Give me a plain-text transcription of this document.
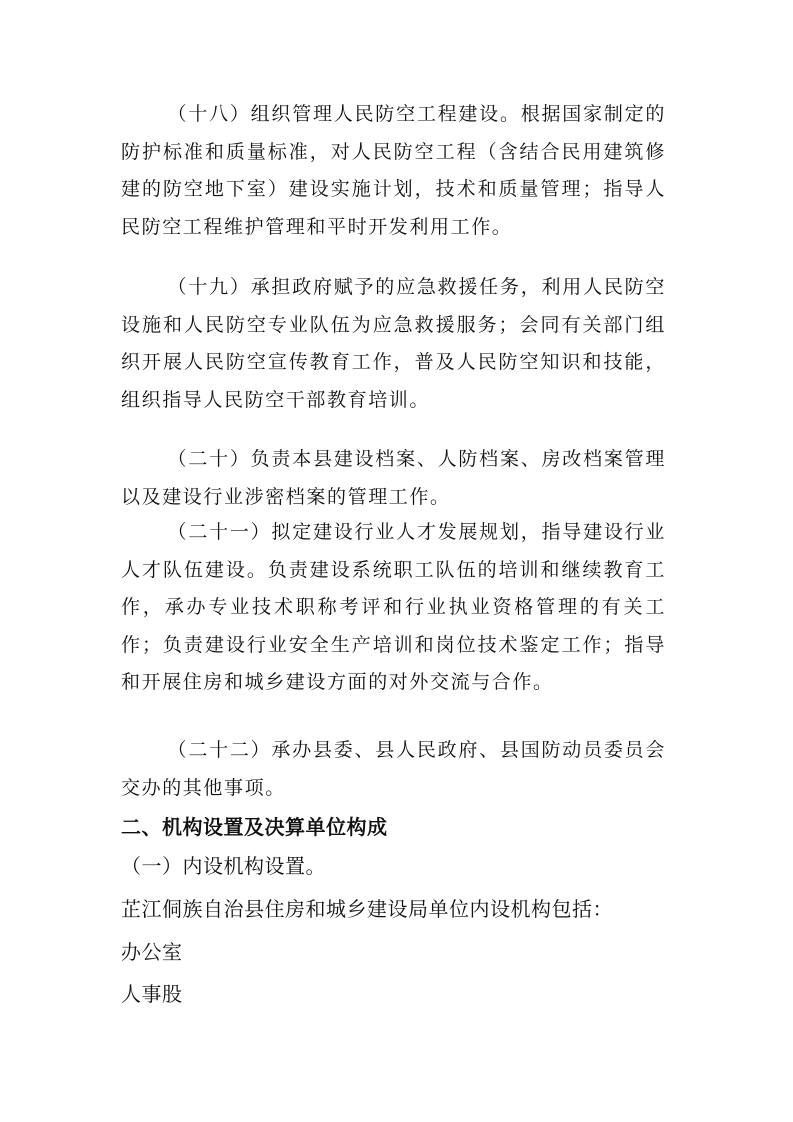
（十八）组织管理人民防空工程建设。根据国家制定的防护标准和质量标准，对人民防空工程（含结合民用建筑修建的防空地下室）建设实施计划，技术和质量管理；指导人民防空工程维护管理和平时开发利用工作。

（十九）承担政府赋予的应急救援任务，利用人民防空设施和人民防空专业队伍为应急救援服务；会同有关部门组织开展人民防空宣传教育工作，普及人民防空知识和技能，组织指导人民防空干部教育培训。

（二十）负责本县建设档案、人防档案、房改档案管理以及建设行业涉密档案的管理工作。

（二十一）拟定建设行业人才发展规划，指导建设行业人才队伍建设。负责建设系统职工队伍的培训和继续教育工作，承办专业技术职称考评和行业执业资格管理的有关工作；负责建设行业安全生产培训和岗位技术鉴定工作；指导和开展住房和城乡建设方面的对外交流与合作。

（二十二）承办县委、县人民政府、县国防动员委员会交办的其他事项。

二、机构设置及决算单位构成

（一）内设机构设置。

芷江侗族自治县住房和城乡建设局单位内设机构包括：

办公室

人事股
